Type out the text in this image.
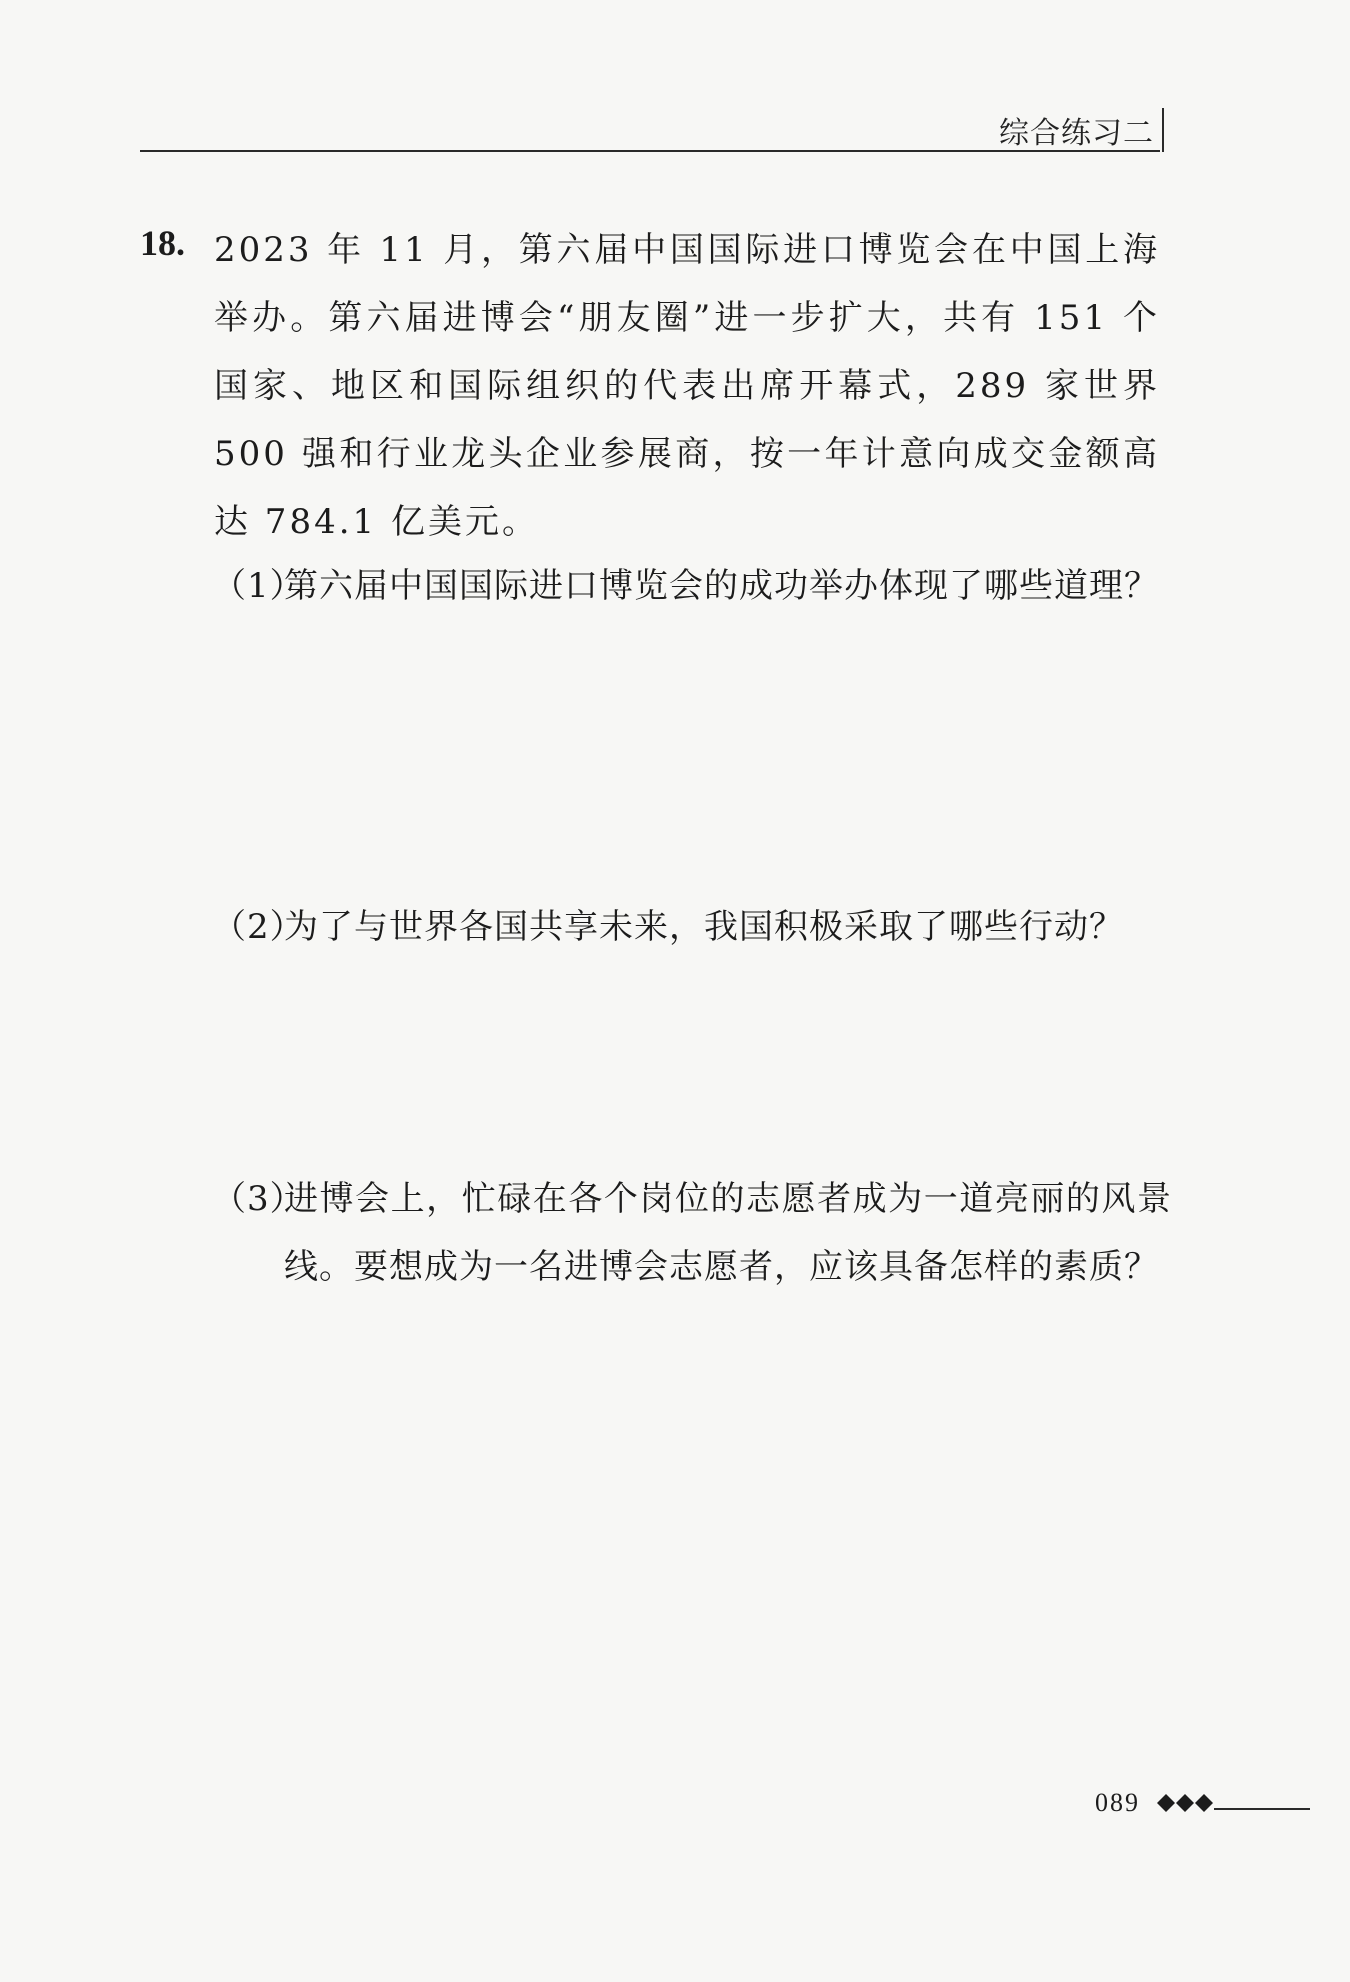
综合练习二
18. 2023 年 11 月，第六届中国国际进口博览会在中国上海举办。第六届进博会“朋友圈”进一步扩大，共有 151 个国家、地区和国际组织的代表出席开幕式，289 家世界 500 强和行业龙头企业参展商，按一年计意向成交金额高达 784.1 亿美元。
（1）
第六届中国国际进口博览会的成功举办体现了哪些道理？
（2）
为了与世界各国共享未来，我国积极采取了哪些行动？
（3）
进博会上，忙碌在各个岗位的志愿者成为一道亮丽的风景线。要想成为一名进博会志愿者，应该具备怎样的素质？
089
